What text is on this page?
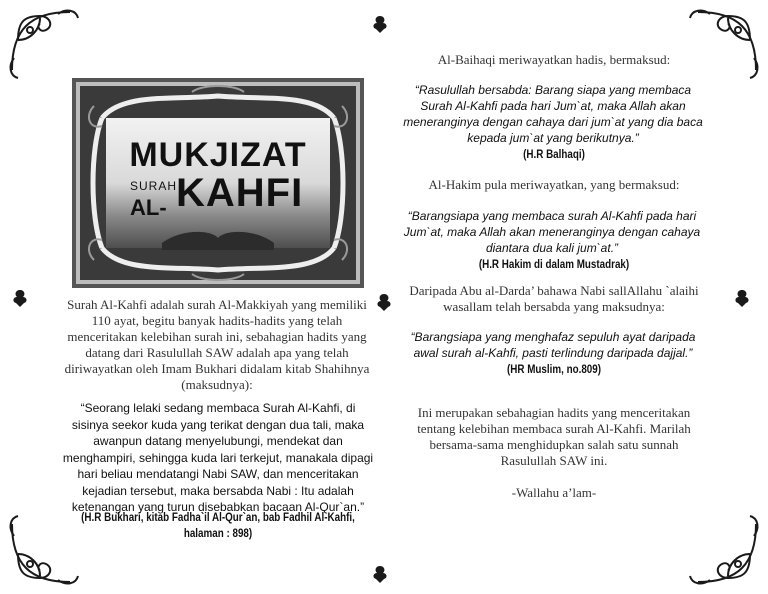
MUKJIZAT
SURAH
AL- KAHFI
Surah Al-Kahfi adalah surah Al-Makkiyah yang memiliki 110 ayat, begitu banyak hadits-hadits yang telah menceritakan kelebihan surah ini, sebahagian hadits yang datang dari Rasulullah SAW adalah apa yang telah diriwayatkan oleh Imam Bukhari didalam kitab Shahihnya (maksudnya):
“Seorang lelaki sedang membaca Surah Al-Kahfi, di sisinya seekor kuda yang terikat dengan dua tali, maka awanpun datang menyelubungi, mendekat dan menghampiri, sehingga kuda lari terkejut, manakala dipagi hari beliau mendatangi Nabi SAW, dan menceritakan kejadian tersebut, maka bersabda Nabi : Itu adalah ketenangan yang turun disebabkan bacaan Al-Qur`an.”
(H.R Bukhari, kitab Fadha`il Al-Qur`an, bab Fadhil Al-Kahfi, halaman : 898)
Al-Baihaqi meriwayatkan hadis, bermaksud:
“Rasulullah bersabda: Barang siapa yang membaca Surah Al-Kahfi pada hari Jum`at, maka Allah akan meneranginya dengan cahaya dari jum`at yang dia baca kepada jum`at yang berikutnya.”
(H.R Balhaqi)
Al-Hakim pula meriwayatkan, yang bermaksud:
“Barangsiapa yang membaca surah Al-Kahfi pada hari Jum`at, maka Allah akan meneranginya dengan cahaya diantara dua kali jum`at.”
(H.R Hakim di dalam Mustadrak)
Daripada Abu al-Darda’ bahawa Nabi sallAllahu `alaihi wasallam telah bersabda yang maksudnya:
“Barangsiapa yang menghafaz sepuluh ayat daripada awal surah al-Kahfi, pasti terlindung daripada dajjal.”
(HR Muslim, no.809)
Ini merupakan sebahagian hadits yang menceritakan tentang kelebihan membaca surah Al-Kahfi. Marilah bersama-sama menghidupkan salah satu sunnah Rasulullah SAW ini.
-Wallahu a’lam-
